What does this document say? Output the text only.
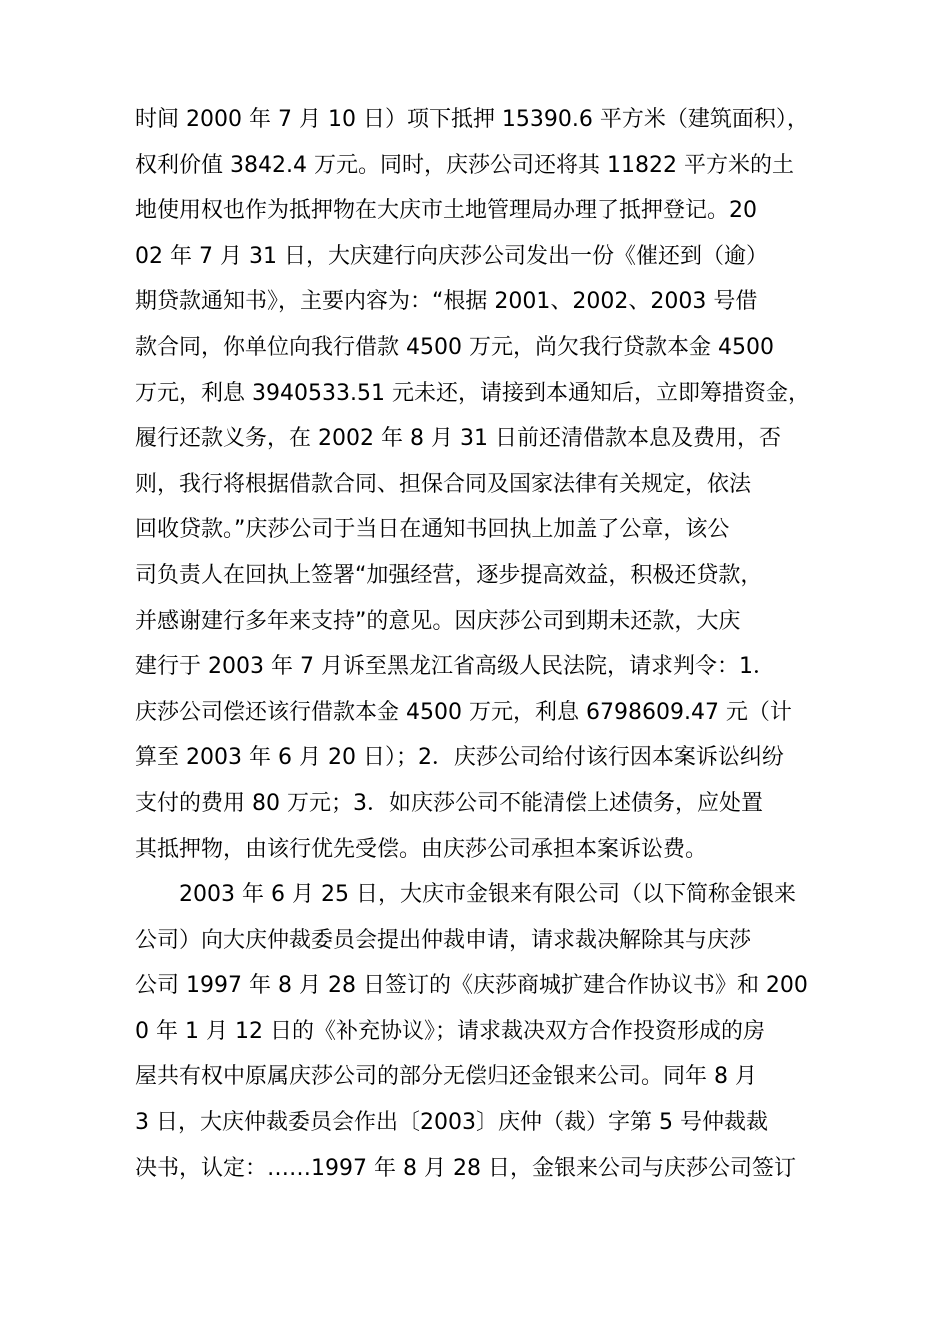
时间 2000 年 7 月 10 日）项下抵押 15390.6 平方米（建筑面积），
权利价值 3842.4 万元。同时，庆莎公司还将其 11822 平方米的土
地使用权也作为抵押物在大庆市土地管理局办理了抵押登记。20
02 年 7 月 31 日，大庆建行向庆莎公司发出一份《催还到（逾）
期贷款通知书》，主要内容为：“根据 2001、2002、2003 号借
款合同，你单位向我行借款 4500 万元，尚欠我行贷款本金 4500
万元，利息 3940533.51 元未还，请接到本通知后，立即筹措资金，
履行还款义务，在 2002 年 8 月 31 日前还清借款本息及费用，否
则，我行将根据借款合同、担保合同及国家法律有关规定，依法
回收贷款。”庆莎公司于当日在通知书回执上加盖了公章，该公
司负责人在回执上签署“加强经营，逐步提高效益，积极还贷款，
并感谢建行多年来支持”的意见。因庆莎公司到期未还款，大庆
建行于 2003 年 7 月诉至黑龙江省高级人民法院，请求判令：1．
庆莎公司偿还该行借款本金 4500 万元，利息 6798609.47 元（计
算至 2003 年 6 月 20 日）；2．庆莎公司给付该行因本案诉讼纠纷
支付的费用 80 万元；3．如庆莎公司不能清偿上述债务，应处置
其抵押物，由该行优先受偿。由庆莎公司承担本案诉讼费。
2003 年 6 月 25 日，大庆市金银来有限公司（以下简称金银来
公司）向大庆仲裁委员会提出仲裁申请，请求裁决解除其与庆莎
公司 1997 年 8 月 28 日签订的《庆莎商城扩建合作协议书》和 200
0 年 1 月 12 日的《补充协议》；请求裁决双方合作投资形成的房
屋共有权中原属庆莎公司的部分无偿归还金银来公司。同年 8 月
3 日，大庆仲裁委员会作出〔2003〕庆仲（裁）字第 5 号仲裁裁
决书，认定：……1997 年 8 月 28 日，金银来公司与庆莎公司签订
